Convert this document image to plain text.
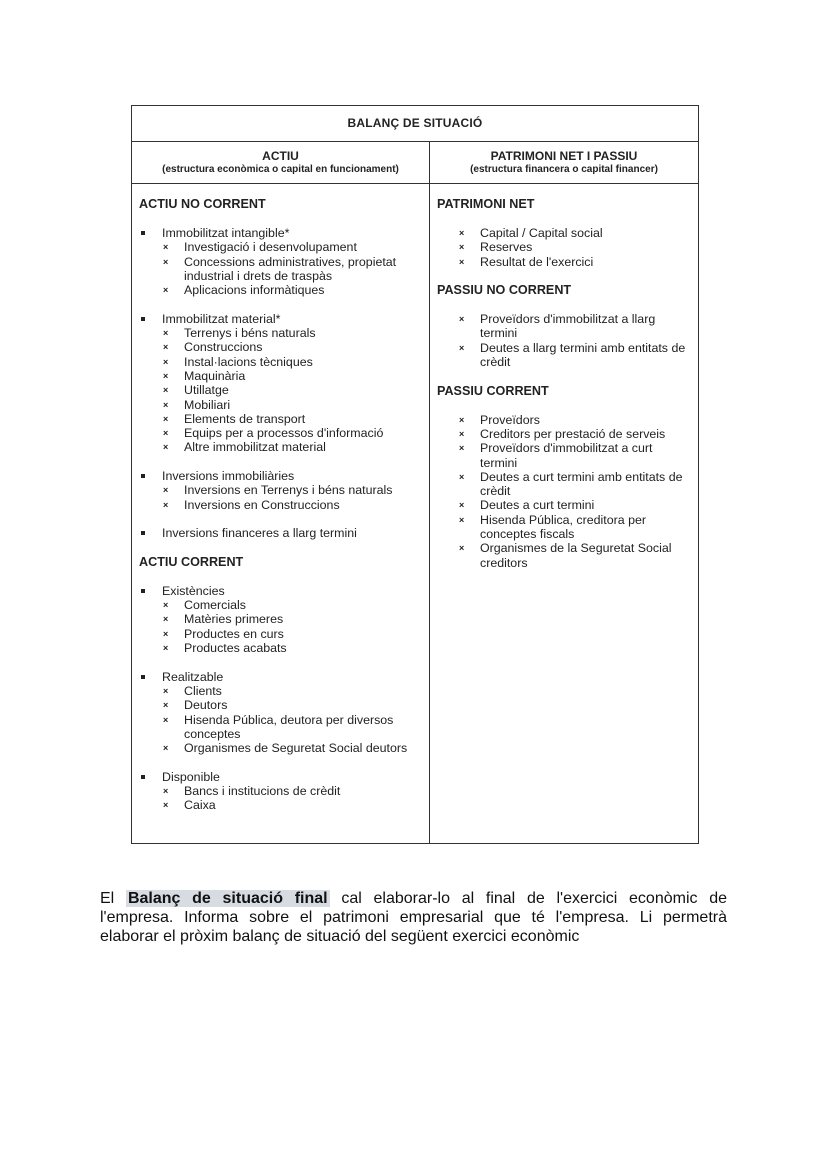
BALANÇ DE SITUACIÓ
ACTIU
(estructura econòmica o capital en funcionament)
ACTIU NO CORRENT
Immobilitzat intangible*
× Investigació i desenvolupament
× Concessions administratives, propietat industrial i drets de traspàs
× Aplicacions informàtiques
Immobilitzat material*
× Terrenys i béns naturals
× Construccions
× Instal·lacions tècniques
× Maquinària
× Utillatge
× Mobiliari
× Elements de transport
× Equips per a processos d'informació
× Altre immobilitzat material
Inversions immobiliàries
× Inversions en Terrenys i béns naturals
× Inversions en Construccions
Inversions financeres a llarg termini
ACTIU CORRENT
Existències
× Comercials
× Matèries primeres
× Productes en curs
× Productes acabats
Realitzable
× Clients
× Deutors
× Hisenda Pública, deutora per diversos conceptes
× Organismes de Seguretat Social deutors
Disponible
× Bancs i institucions de crèdit
× Caixa
PATRIMONI NET I PASSIU
(estructura financera o capital financer)
PATRIMONI NET
× Capital / Capital social
× Reserves
× Resultat de l'exercici
PASSIU NO CORRENT
× Proveïdors d'immobilitzat a llarg termini
× Deutes a llarg termini amb entitats de crèdit
PASSIU CORRENT
× Proveïdors
× Creditors per prestació de serveis
× Proveïdors d'immobilitzat a curt termini
× Deutes a curt termini amb entitats de crèdit
× Deutes a curt termini
× Hisenda Pública, creditora per conceptes fiscals
× Organismes de la Seguretat Social creditors
El Balanç de situació final cal elaborar-lo al final de l'exercici econòmic de
l'empresa. Informa sobre el patrimoni empresarial que té l'empresa. Li permetrà
elaborar el pròxim balanç de situació del següent exercici econòmic
